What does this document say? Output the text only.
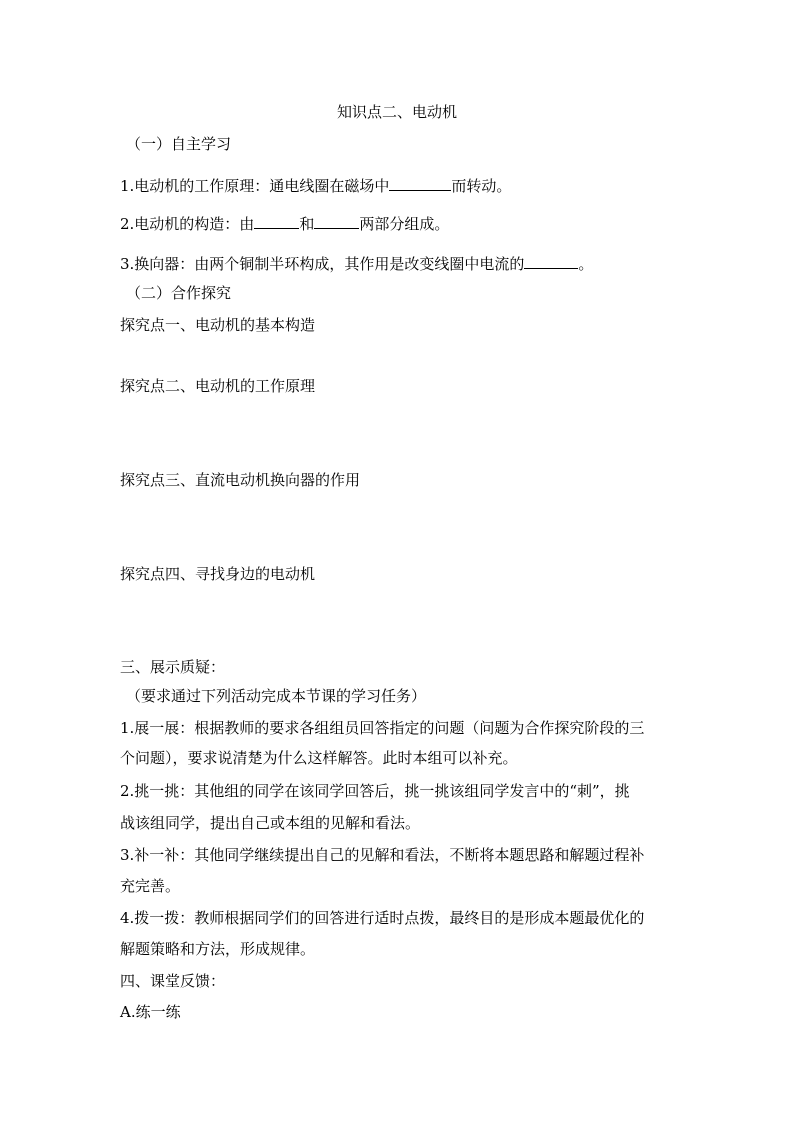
知识点二、电动机
（一）自主学习
1.电动机的工作原理：通电线圈在磁场中	而转动。
2.电动机的构造：由	和	两部分组成。
3.换向器：由两个铜制半环构成，其作用是改变线圈中电流的	。
（二）合作探究
探究点一、电动机的基本构造
探究点二、电动机的工作原理
探究点三、直流电动机换向器的作用
探究点四、寻找身边的电动机
三、展示质疑：
（要求通过下列活动完成本节课的学习任务）
1.展一展：根据教师的要求各组组员回答指定的问题（问题为合作探究阶段的三
个问题），要求说清楚为什么这样解答。此时本组可以补充。
2.挑一挑：其他组的同学在该同学回答后，挑一挑该组同学发言中的“刺”，挑
战该组同学，提出自己或本组的见解和看法。
3.补一补：其他同学继续提出自己的见解和看法，不断将本题思路和解题过程补
充完善。
4.拨一拨：教师根据同学们的回答进行适时点拨，最终目的是形成本题最优化的
解题策略和方法，形成规律。
四、课堂反馈：
A.练一练
